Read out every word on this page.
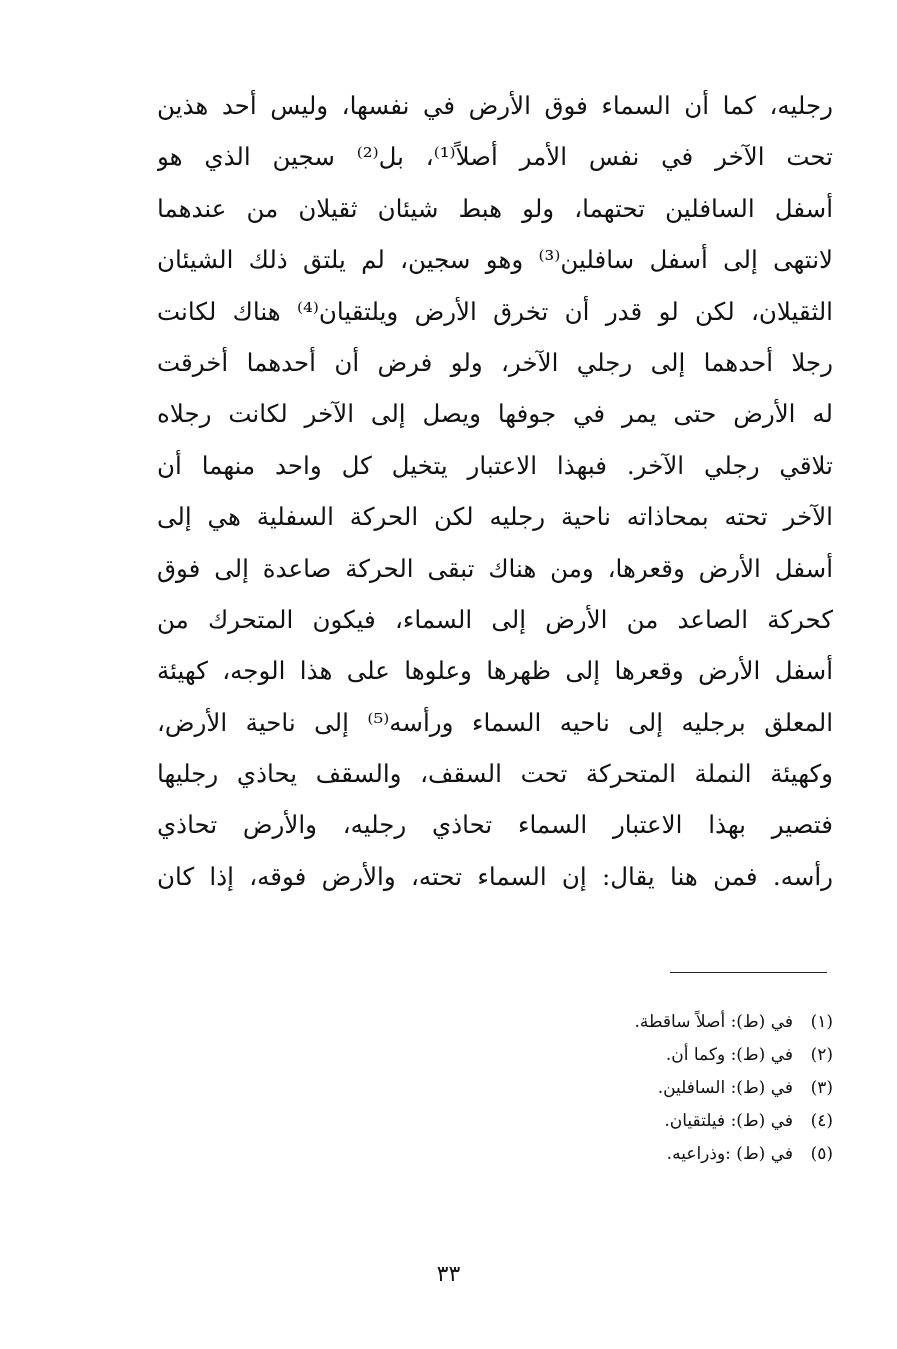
رجليه، كما أن السماء فوق الأرض في نفسها، وليس أحد هذين
تحت الآخر في نفس الأمر أصلاً⁽¹⁾، بل⁽²⁾ سجين الذي هو
أسفل السافلين تحتهما، ولو هبط شيئان ثقيلان من عندهما
لانتهى إلى أسفل سافلين⁽³⁾ وهو سجين، لم يلتق ذلك الشيئان
الثقيلان، لكن لو قدر أن تخرق الأرض ويلتقيان⁽⁴⁾ هناك لكانت
رجلا أحدهما إلى رجلي الآخر، ولو فرض أن أحدهما أخرقت
له الأرض حتى يمر في جوفها ويصل إلى الآخر لكانت رجلاه
تلاقي رجلي الآخر. فبهذا الاعتبار يتخيل كل واحد منهما أن
الآخر تحته بمحاذاته ناحية رجليه لكن الحركة السفلية هي إلى
أسفل الأرض وقعرها، ومن هناك تبقى الحركة صاعدة إلى فوق
كحركة الصاعد من الأرض إلى السماء، فيكون المتحرك من
أسفل الأرض وقعرها إلى ظهرها وعلوها على هذا الوجه، كهيئة
المعلق برجليه إلى ناحيه السماء ورأسه⁽⁵⁾ إلى ناحية الأرض،
وكهيئة النملة المتحركة تحت السقف، والسقف يحاذي رجليها
فتصير بهذا الاعتبار السماء تحاذي رجليه، والأرض تحاذي
رأسه. فمن هنا يقال: إن السماء تحته، والأرض فوقه، إذا كان
(١)
في (ط): أصلاً ساقطة.
(٢)
في (ط): وكما أن.
(٣)
في (ط): السافلين.
(٤)
في (ط): فيلتقيان.
(٥)
في (ط) :وذراعيه.
٣٣
